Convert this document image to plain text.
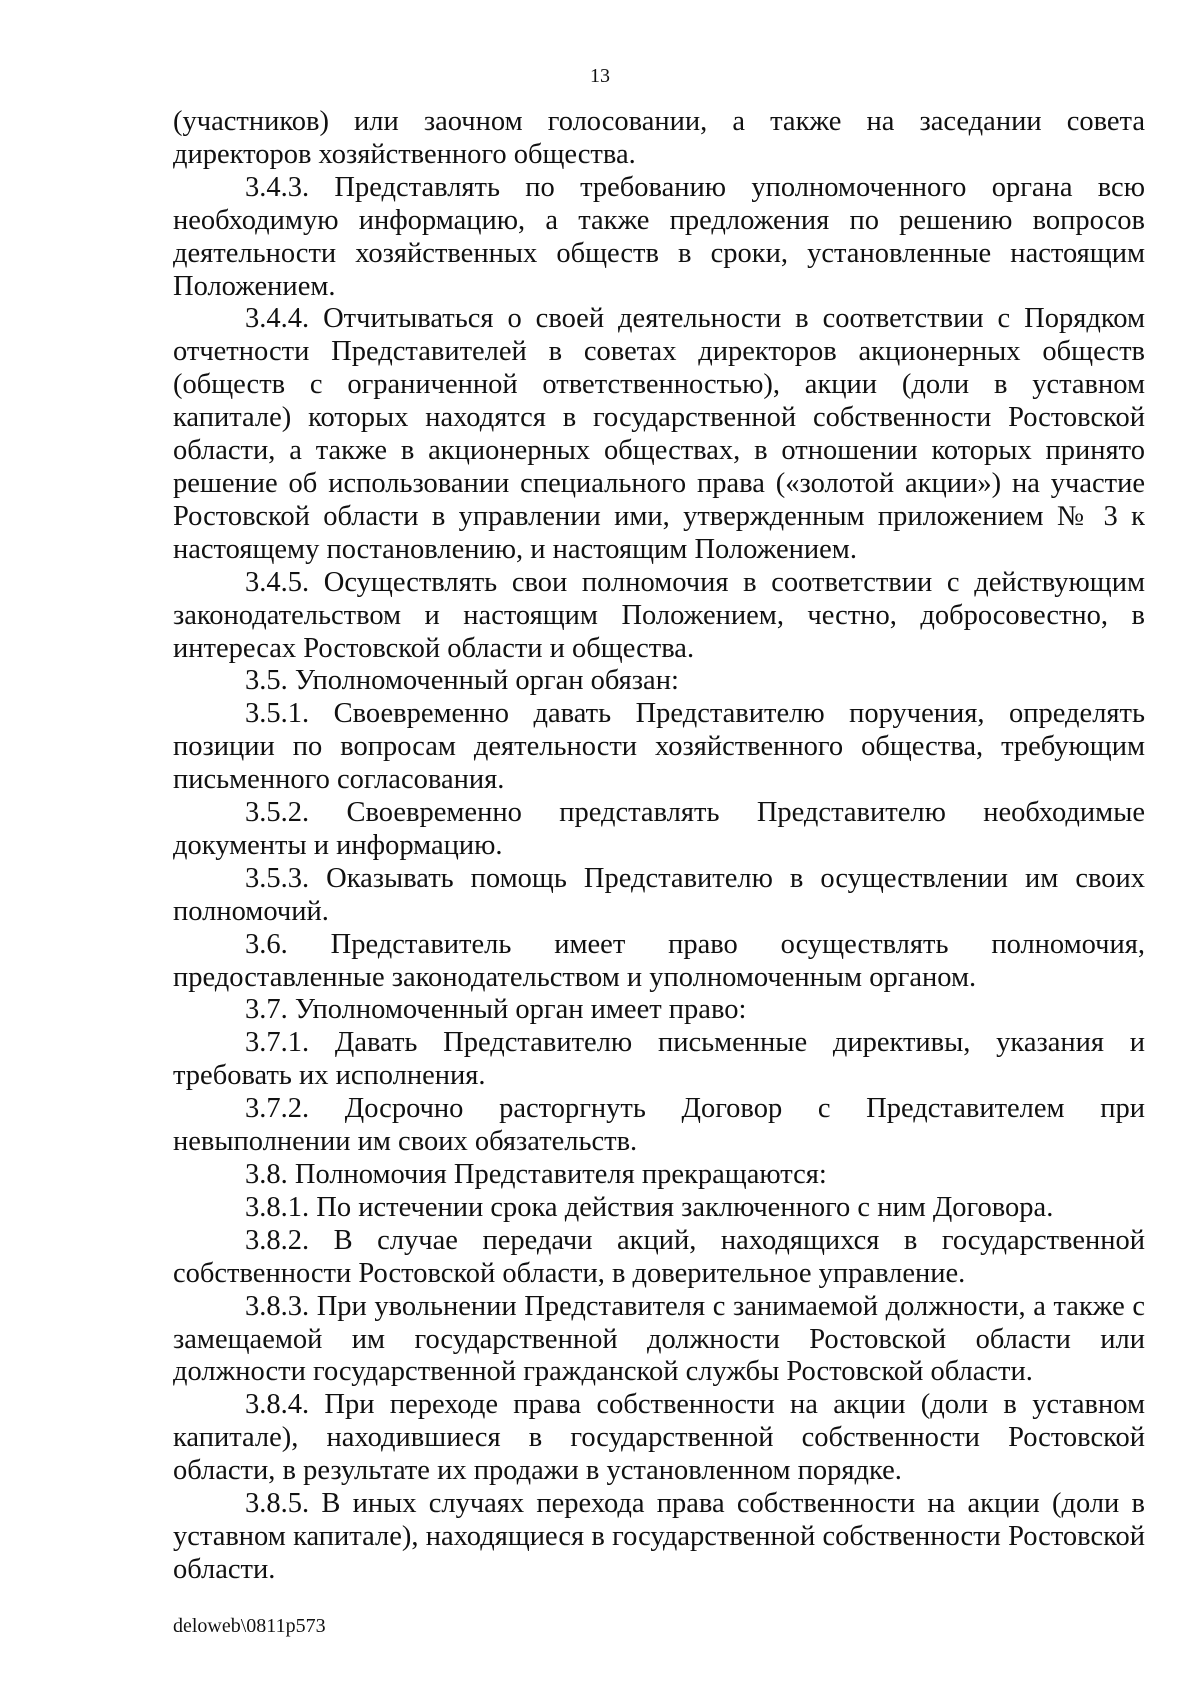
13

(участников) или заочном голосовании, а также на заседании совета директоров хозяйственного общества.

3.4.3. Представлять по требованию уполномоченного органа всю необходимую информацию, а также предложения по решению вопросов деятельности хозяйственных обществ в сроки, установленные настоящим Положением.

3.4.4. Отчитываться о своей деятельности в соответствии с Порядком отчетности Представителей в советах директоров акционерных обществ (обществ с ограниченной ответственностью), акции (доли в уставном капитале) которых находятся в государственной собственности Ростовской области, а также в акционерных обществах, в отношении которых принято решение об использовании специального права («золотой акции») на участие Ростовской области в управлении ими, утвержденным приложением № 3 к настоящему постановлению, и настоящим Положением.

3.4.5. Осуществлять свои полномочия в соответствии с действующим законодательством и настоящим Положением, честно, добросовестно, в интересах Ростовской области и общества.

3.5. Уполномоченный орган обязан:

3.5.1. Своевременно давать Представителю поручения, определять позиции по вопросам деятельности хозяйственного общества, требующим письменного согласования.

3.5.2. Своевременно представлять Представителю необходимые документы и информацию.

3.5.3. Оказывать помощь Представителю в осуществлении им своих полномочий.

3.6. Представитель имеет право осуществлять полномочия, предоставленные законодательством и уполномоченным органом.

3.7. Уполномоченный орган имеет право:

3.7.1. Давать Представителю письменные директивы, указания и требовать их исполнения.

3.7.2. Досрочно расторгнуть Договор с Представителем при невыполнении им своих обязательств.

3.8. Полномочия Представителя прекращаются:

3.8.1. По истечении срока действия заключенного с ним Договора.

3.8.2. В случае передачи акций, находящихся в государственной собственности Ростовской области, в доверительное управление.

3.8.3. При увольнении Представителя с занимаемой должности, а также с замещаемой им государственной должности Ростовской области или должности государственной гражданской службы Ростовской области.

3.8.4. При переходе права собственности на акции (доли в уставном капитале), находившиеся в государственной собственности Ростовской области, в результате их продажи в установленном порядке.

3.8.5. В иных случаях перехода права собственности на акции (доли в уставном капитале), находящиеся в государственной собственности Ростовской области.

deloweb\0811p573
